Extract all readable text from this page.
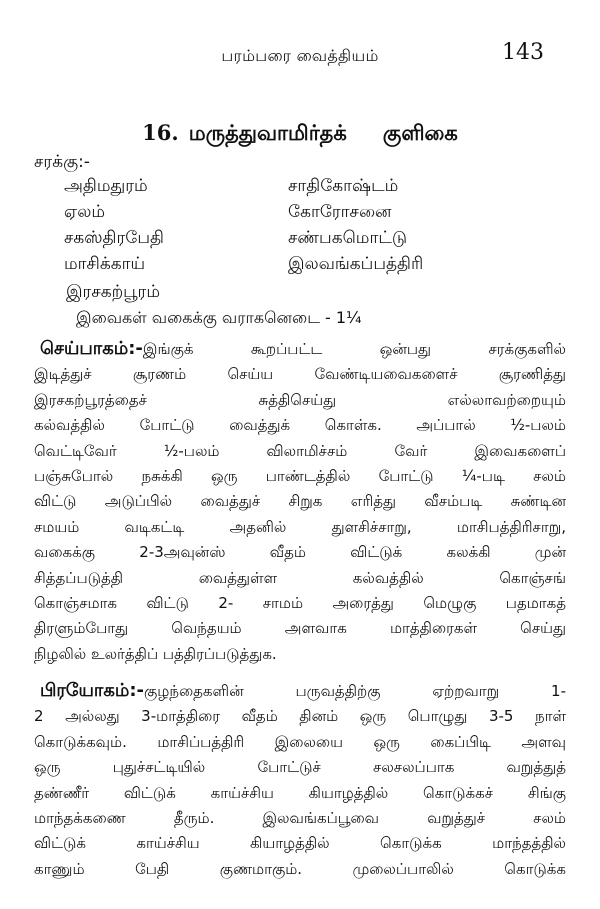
பரம்பரை வைத்தியம்	143
16. மருத்துவாமிர்தக் குளிகை
சரக்கு:-
அதிமதுரம்	சாதிகோஷ்டம்
ஏலம்	கோரோசனை
சகஸ்திரபேதி	சண்பகமொட்டு
மாசிக்காய்	இலவங்கப்பத்திரி
இரசகற்பூரம்
இவைகள் வகைக்கு வராகனெடை - 1¼
செய்பாகம்:-இங்குக் கூறப்பட்ட ஒன்பது சரக்குகளில்
இடித்துச் சூரணம் செய்ய வேண்டியவைகளைச் சூரணித்து
இரசகற்பூரத்தைச் சுத்திசெய்து எல்லாவற்றையும்
கல்வத்தில் போட்டு வைத்துக் கொள்க. அப்பால் ½-பலம்
வெட்டிவேர் ½-பலம் விலாமிச்சம் வேர் இவைகளைப்
பஞ்சுபோல் நசுக்கி ஒரு பாண்டத்தில் போட்டு ¼-படி சலம்
விட்டு அடுப்பில் வைத்துச் சிறுக எரித்து வீசம்படி சுண்டின
சமயம் வடிகட்டி அதனில் துளசிச்சாறு, மாசிபத்திரிசாறு,
வகைக்கு 2-3அவுன்ஸ் வீதம் விட்டுக் கலக்கி முன்
சித்தப்படுத்தி வைத்துள்ள கல்வத்தில் கொஞ்சங்
கொஞ்சமாக விட்டு 2- சாமம் அரைத்து மெழுகு பதமாகத்
திரளும்போது வெந்தயம் அளவாக மாத்திரைகள் செய்து
நிழலில் உலர்த்திப் பத்திரப்படுத்துக.
பிரயோகம்:-குழந்தைகளின் பருவத்திற்கு ஏற்றவாறு 1-
2 அல்லது 3-மாத்திரை வீதம் தினம் ஒரு பொழுது 3-5 நாள்
கொடுக்கவும். மாசிப்பத்திரி இலையை ஒரு கைப்பிடி அளவு
ஒரு புதுச்சட்டியில் போட்டுச் சலசலப்பாக வறுத்துத்
தண்ணீர் விட்டுக் காய்ச்சிய கியாழத்தில் கொடுக்கச் சிங்கு
மாந்தக்கணை தீரும். இலவங்கப்பூவை வறுத்துச் சலம்
விட்டுக் காய்ச்சிய கியாழத்தில் கொடுக்க மாந்தத்தில்
காணும் பேதி குணமாகும். முலைப்பாலில் கொடுக்க
